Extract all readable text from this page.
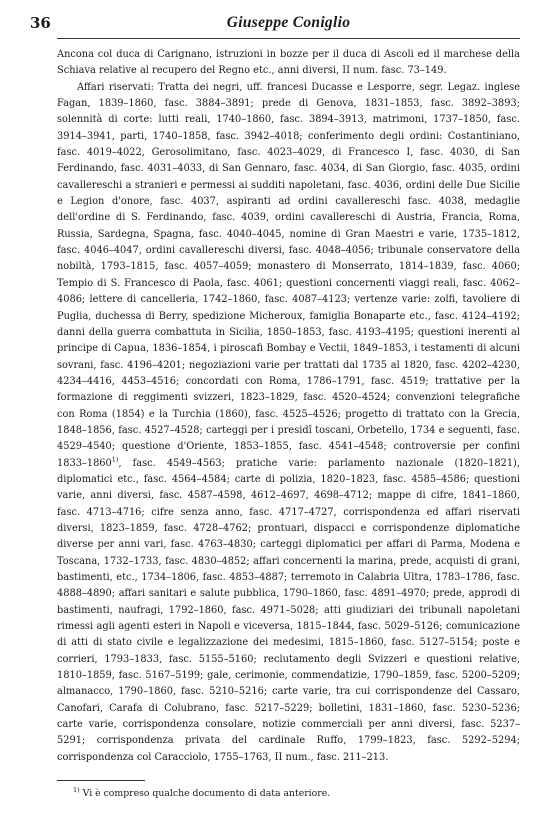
36	Giuseppe Coniglio

Ancona col duca di Carignano, istruzioni in bozze per il duca di Ascoli ed il marchese della Schiava relative al recupero del Regno etc., anni diversi, II num. fasc. 73–149.

Affari riservati: Tratta dei negri, uff. francesi Ducasse e Lesporre, segr. Legaz. inglese Fagan, 1839–1860, fasc. 3884–3891; prede di Genova, 1831–1853, fasc. 3892–3893; solennità di corte: lutti reali, 1740–1860, fasc. 3894–3913, matrimoni, 1737–1850, fasc. 3914–3941, parti, 1740–1858, fasc. 3942–4018; conferimento degli ordini: Costantiniano, fasc. 4019–4022, Gerosolimitano, fasc. 4023–4029, di Francesco I, fasc. 4030, di San Ferdinando, fasc. 4031–4033, di San Gennaro, fasc. 4034, di San Giorgio, fasc. 4035, ordini cavallereschi a stranieri e permessi ai sudditi napoletani, fasc. 4036, ordini delle Due Sicilie e Legion d'onore, fasc. 4037, aspiranti ad ordini cavallereschi fasc. 4038, medaglie dell'ordine di S. Ferdinando, fasc. 4039, ordini cavallereschi di Austria, Francia, Roma, Russia, Sardegna, Spagna, fasc. 4040–4045, nomine di Gran Maestri e varie, 1735–1812, fasc. 4046–4047, ordini cavallereschi diversi, fasc. 4048–4056; tribunale conservatore della nobiltà, 1793–1815, fasc. 4057–4059; monastero di Monserrato, 1814–1839, fasc. 4060; Tempio di S. Francesco di Paola, fasc. 4061; questioni concernenti viaggi reali, fasc. 4062–4086; lettere di cancelleria, 1742–1860, fasc. 4087–4123; vertenze varie: zolfi, tavoliere di Puglia, duchessa di Berry, spedizione Micheroux, famiglia Bonaparte etc., fasc. 4124–4192; danni della guerra combattuta in Sicilia, 1850–1853, fasc. 4193–4195; questioni inerenti al principe di Capua, 1836–1854, i piroscafi Bombay e Vectii, 1849–1853, i testamenti di alcuni sovrani, fasc. 4196–4201; negoziazioni varie per trattati dal 1735 al 1820, fasc. 4202–4230, 4234–4416, 4453–4516; concordati con Roma, 1786–1791, fasc. 4519; trattative per la formazione di reggimenti svizzeri, 1823–1829, fasc. 4520–4524; convenzioni telegrafiche con Roma (1854) e la Turchia (1860), fasc. 4525–4526; progetto di trattato con la Grecia, 1848–1856, fasc. 4527–4528; carteggi per i presidî toscani, Orbetello, 1734 e seguenti, fasc. 4529–4540; questione d'Oriente, 1853–1855, fasc. 4541–4548; controversie per confini 1833–1860$^{1)}$, fasc. 4549–4563; pratiche varie: parlamento nazionale (1820–1821), diplomatici etc., fasc. 4564–4584; carte di polizia, 1820–1823, fasc. 4585–4586; questioni varie, anni diversi, fasc. 4587–4598, 4612–4697, 4698–4712; mappe di cifre, 1841–1860, fasc. 4713–4716; cifre senza anno, fasc. 4717–4727, corrispondenza ed affari riservati diversi, 1823–1859, fasc. 4728–4762; prontuari, dispacci e corrispondenze diplomatiche diverse per anni vari, fasc. 4763–4830; carteggi diplomatici per affari di Parma, Modena e Toscana, 1732–1733, fasc. 4830–4852; affari concernenti la marina, prede, acquisti di grani, bastimenti, etc., 1734–1806, fasc. 4853–4887; terremoto in Calabria Ultra, 1783–1786, fasc. 4888–4890; affari sanitari e salute pubblica, 1790–1860, fasc. 4891–4970; prede, approdi di bastimenti, naufragi, 1792–1860, fasc. 4971–5028; atti giudiziari dei tribunali napoletani rimessi agli agenti esteri in Napoli e viceversa, 1815–1844, fasc. 5029–5126; comunicazione di atti di stato civile e legalizzazione dei medesimi, 1815–1860, fasc. 5127–5154; poste e corrieri, 1793–1833, fasc. 5155–5160; reclutamento degli Svizzeri e questioni relative, 1810–1859, fasc. 5167–5199; gale, cerimonie, commendatizie, 1790–1859, fasc. 5200–5209; almanacco, 1790–1860, fasc. 5210–5216; carte varie, tra cui corrispondenze del Cassaro, Canofari, Carafa di Colubrano, fasc. 5217–5229; bolletini, 1831–1860, fasc. 5230–5236; carte varie, corrispondenza consolare, notizie commerciali per anni diversi, fasc. 5237–5291; corrispondenza privata del cardinale Ruffo, 1799–1823, fasc. 5292–5294; corrispondenza col Caracciolo, 1755–1763, II num., fasc. 211–213.

$^{1)}$ Vi è compreso qualche documento di data anteriore.
